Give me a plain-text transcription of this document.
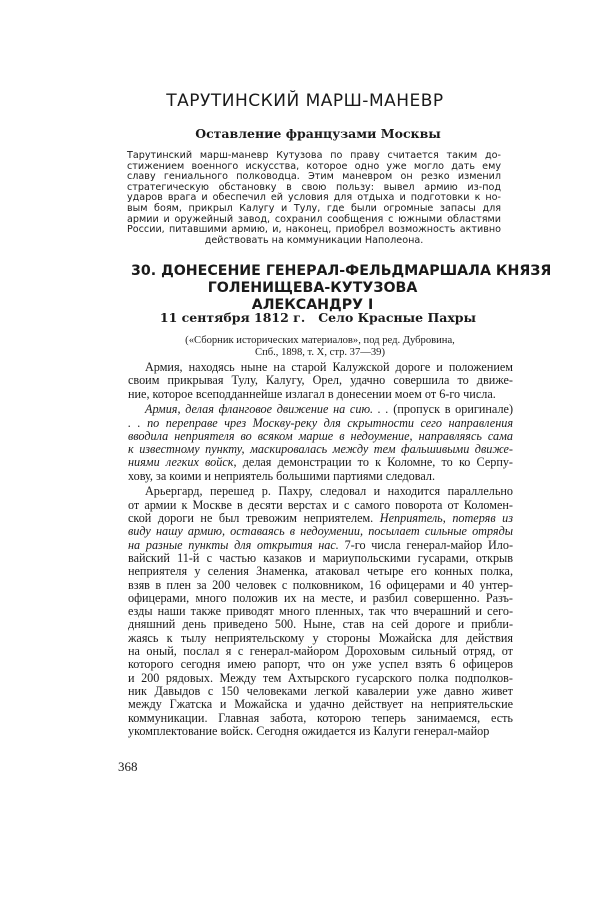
ТАРУТИНСКИЙ МАРШ-МАНЕВР
Оставление французами Москвы
Тарутинский марш-маневр Кутузова по праву считается таким до-
стижением военного искусства, которое одно уже могло дать ему
славу гениального полководца. Этим маневром он резко изменил
стратегическую обстановку в свою пользу: вывел армию из-под
ударов врага и обеспечил ей условия для отдыха и подготовки к но-
вым боям, прикрыл Калугу и Тулу, где были огромные запасы для
армии и оружейный завод, сохранил сообщения с южными областями
России, питавшими армию, и, наконец, приобрел возможность активно
действовать на коммуникации Наполеона.
30. ДОНЕСЕНИЕ ГЕНЕРАЛ-ФЕЛЬДМАРШАЛА КНЯЗЯ
ГОЛЕНИЩЕВА-КУТУЗОВА АЛЕКСАНДРУ I
11 сентября 1812 г.   Село Красные Пахры
(«Сборник исторических материалов», под ред. Дубровина,
Спб., 1898, т. X, стр. 37—39)
Армия, находясь ныне на старой Калужской дороге и положением
своим прикрывая Тулу, Калугу, Орел, удачно совершила то движе-
ние, которое всеподданнейше излагал в донесении моем от 6-го числа.
Армия, делая фланговое движение на сию. . . (пропуск в оригинале)
. . по переправе чрез Москву-реку для скрытности сего направления
вводила неприятеля во всяком марше в недоумение, направляясь сама
к известному пункту, маскировалась между тем фальшивыми движе-
ниями легких войск, делая демонстрации то к Коломне, то ко Серпу-
хову, за коими и неприятель большими партиями следовал.
Арьергард, перешед р. Пахру, следовал и находится параллельно
от армии к Москве в десяти верстах и с самого поворота от Коломен-
ской дороги не был тревожим неприятелем. Неприятель, потеряв из
виду нашу армию, оставаясь в недоумении, посылает сильные отряды
на разные пункты для открытия нас. 7-го числа генерал-майор Ило-
вайский 11-й с частью казаков и мариупольскими гусарами, открыв
неприятеля у селения Знаменка, атаковал четыре его конных полка,
взяв в плен за 200 человек с полковником, 16 офицерами и 40 унтер-
офицерами, много положив их на месте, и разбил совершенно. Разъ-
езды наши также приводят много пленных, так что вчерашний и сего-
дняшний день приведено 500. Ныне, став на сей дороге и прибли-
жаясь к тылу неприятельскому у стороны Можайска для действия
на оный, послал я с генерал-майором Дороховым сильный отряд, от
которого сегодня имею рапорт, что он уже успел взять 6 офицеров
и 200 рядовых. Между тем Ахтырского гусарского полка подполков-
ник Давыдов с 150 человеками легкой кавалерии уже давно живет
между Гжатска и Можайска и удачно действует на неприятельские
коммуникации. Главная забота, которою теперь занимаемся, есть
укомплектование войск. Сегодня ожидается из Калуги генерал-майор
368
